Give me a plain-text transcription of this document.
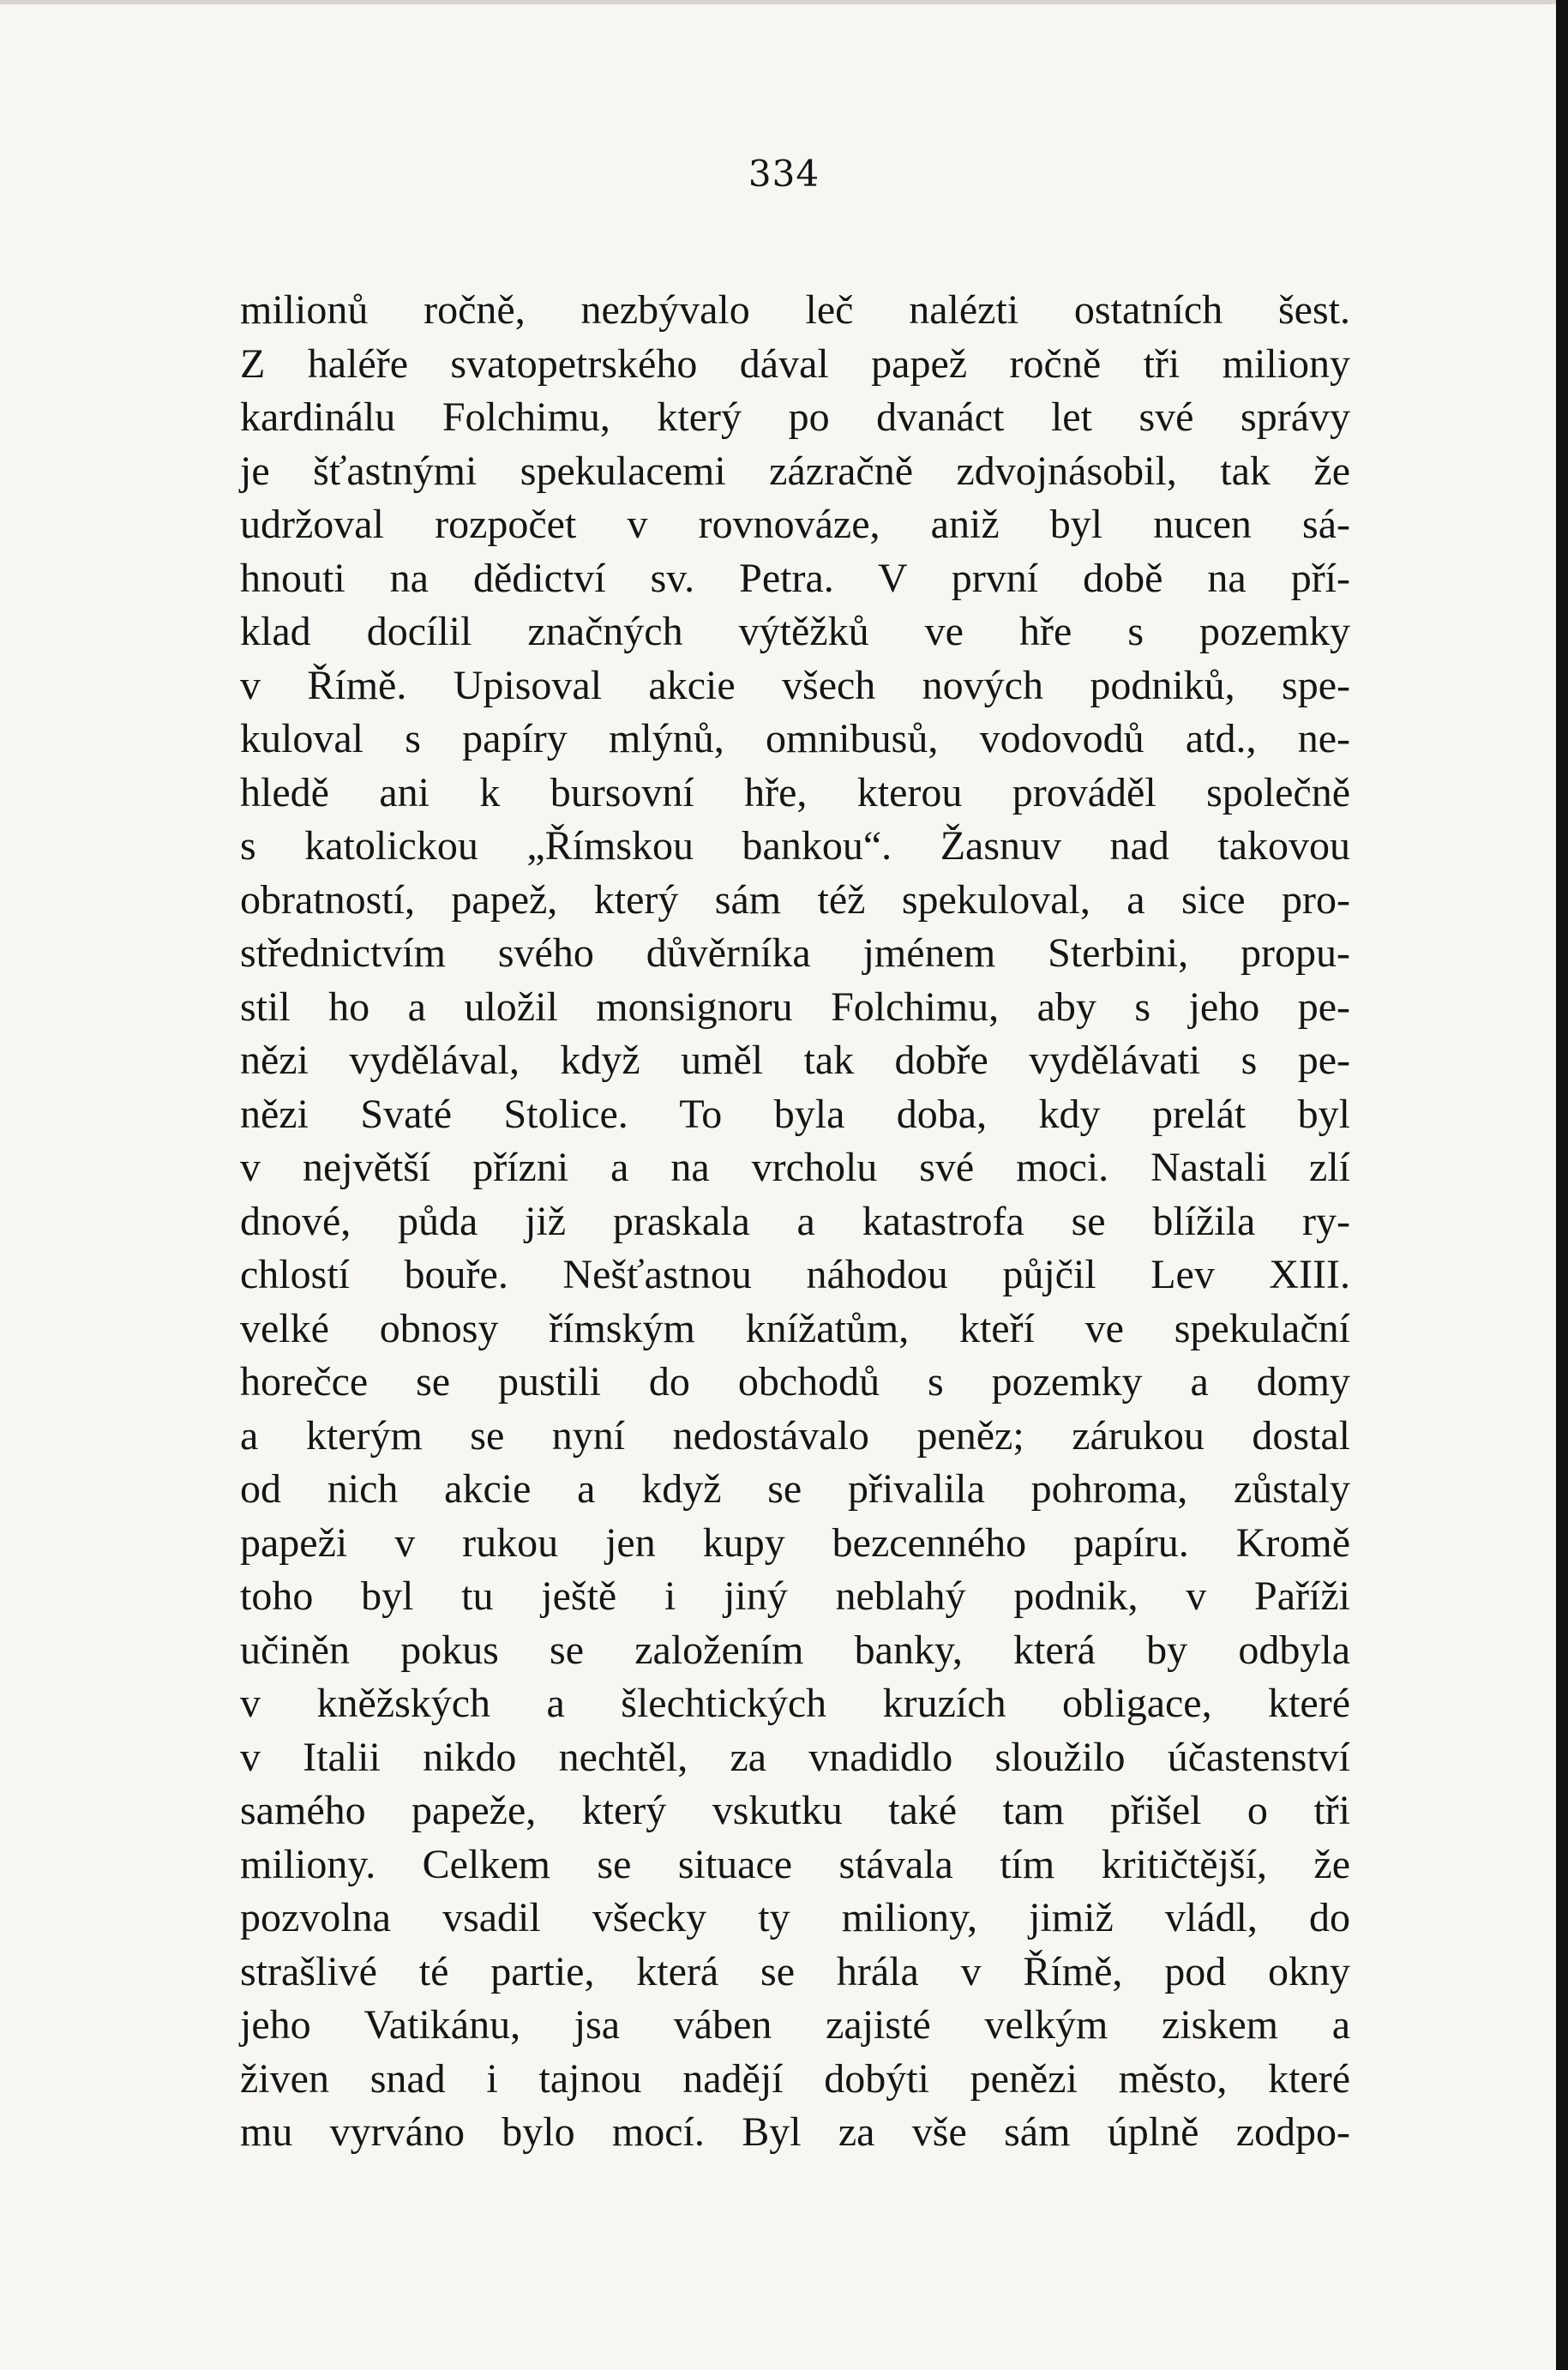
334
milionů ročně, nezbývalo leč nalézti ostatních šest.
Z haléře svatopetrského dával papež ročně tři miliony
kardinálu Folchimu, který po dvanáct let své správy
je šťastnými spekulacemi zázračně zdvojnásobil, tak že
udržoval rozpočet v rovnováze, aniž byl nucen sá-
hnouti na dědictví sv. Petra. V první době na pří-
klad docílil značných výtěžků ve hře s pozemky
v Římě. Upisoval akcie všech nových podniků, spe-
kuloval s papíry mlýnů, omnibusů, vodovodů atd., ne-
hledě ani k bursovní hře, kterou prováděl společně
s katolickou „Římskou bankou“. Žasnuv nad takovou
obratností, papež, který sám též spekuloval, a sice pro-
střednictvím svého důvěrníka jménem Sterbini, propu-
stil ho a uložil monsignoru Folchimu, aby s jeho pe-
nězi vydělával, když uměl tak dobře vydělávati s pe-
nězi Svaté Stolice. To byla doba, kdy prelát byl
v největší přízni a na vrcholu své moci. Nastali zlí
dnové, půda již praskala a katastrofa se blížila ry-
chlostí bouře. Nešťastnou náhodou půjčil Lev XIII.
velké obnosy římským knížatům, kteří ve spekulační
horečce se pustili do obchodů s pozemky a domy
a kterým se nyní nedostávalo peněz; zárukou dostal
od nich akcie a když se přivalila pohroma, zůstaly
papeži v rukou jen kupy bezcenného papíru. Kromě
toho byl tu ještě i jiný neblahý podnik, v Paříži
učiněn pokus se založením banky, která by odbyla
v kněžských a šlechtických kruzích obligace, které
v Italii nikdo nechtěl, za vnadidlo sloužilo účastenství
samého papeže, který vskutku také tam přišel o tři
miliony. Celkem se situace stávala tím kritičtější, že
pozvolna vsadil všecky ty miliony, jimiž vládl, do
strašlivé té partie, která se hrála v Římě, pod okny
jeho Vatikánu, jsa váben zajisté velkým ziskem a
živen snad i tajnou nadějí dobýti penězi město, které
mu vyrváno bylo mocí. Byl za vše sám úplně zodpo-
